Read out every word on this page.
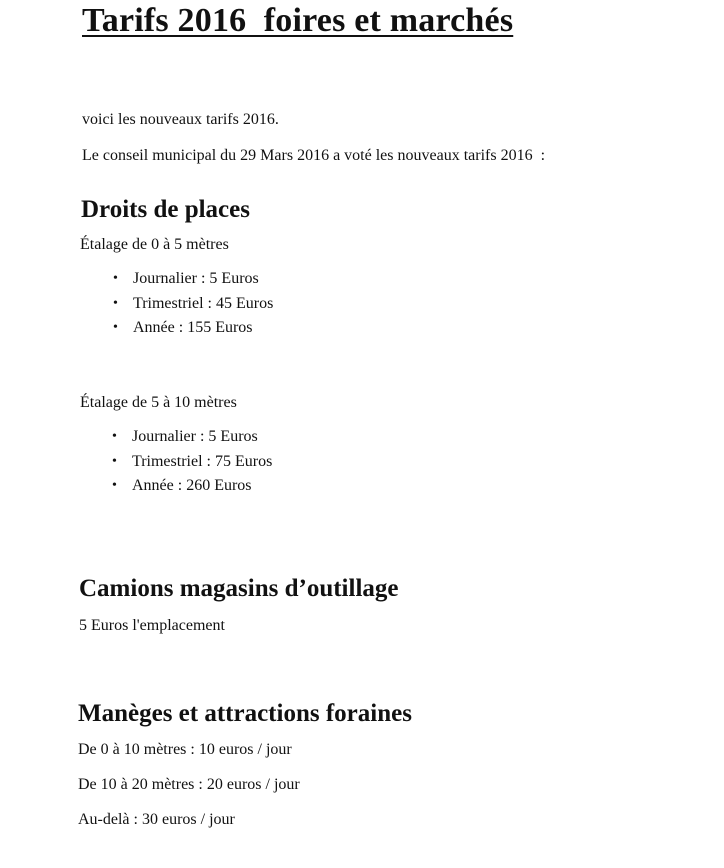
Tarifs 2016  foires et marchés

voici les nouveaux tarifs 2016.

Le conseil municipal du 29 Mars 2016 a voté les nouveaux tarifs 2016  :

Droits de places

Étalage de 0 à 5 mètres

• Journalier : 5 Euros
• Trimestriel : 45 Euros
• Année : 155 Euros

Étalage de 5 à 10 mètres

• Journalier : 5 Euros
• Trimestriel : 75 Euros
• Année : 260 Euros
Camions magasins d’outillage

5 Euros l'emplacement

Manèges et attractions foraines

De 0 à 10 mètres : 10 euros / jour

De 10 à 20 mètres : 20 euros / jour

Au-delà : 30 euros / jour
